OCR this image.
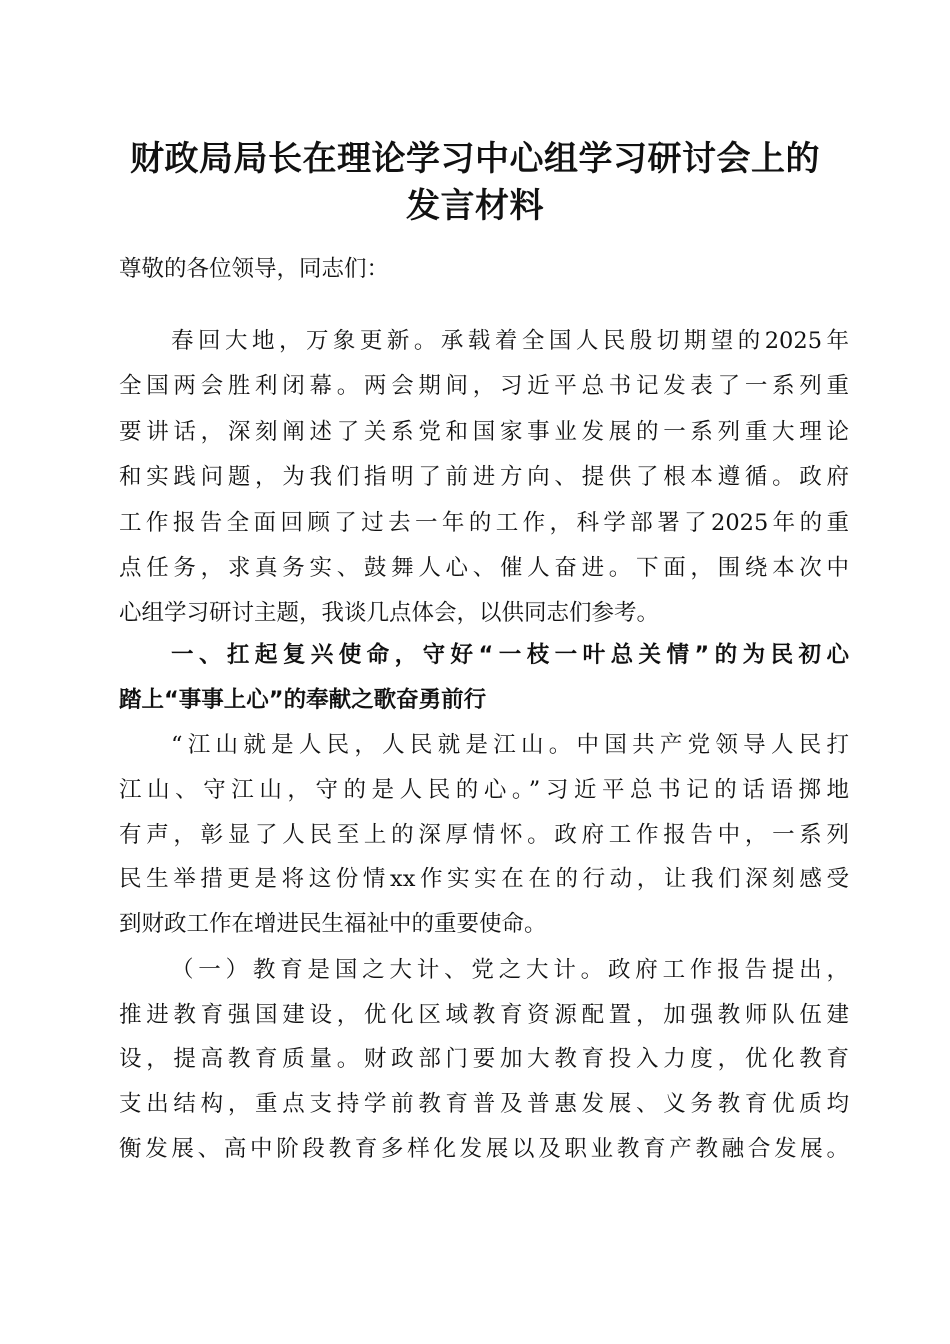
财政局局长在理论学习中心组学习研讨会上的
发言材料

尊敬的各位领导，同志们：

春回大地，万象更新。承载着全国人民殷切期望的2025年

全国两会胜利闭幕。两会期间，习近平总书记发表了一系列重

要讲话，深刻阐述了关系党和国家事业发展的一系列重大理论

和实践问题，为我们指明了前进方向、提供了根本遵循。政府

工作报告全面回顾了过去一年的工作，科学部署了2025年的重

点任务，求真务实、鼓舞人心、催人奋进。下面，围绕本次中

心组学习研讨主题，我谈几点体会，以供同志们参考。

一、扛起复兴使命，守好“一枝一叶总关情”的为民初心

踏上“事事上心”的奉献之歌奋勇前行

“江山就是人民，人民就是江山。中国共产党领导人民打

江山、守江山，守的是人民的心。”习近平总书记的话语掷地

有声，彰显了人民至上的深厚情怀。政府工作报告中，一系列

民生举措更是将这份情xx作实实在在的行动，让我们深刻感受

到财政工作在增进民生福祉中的重要使命。

（一）教育是国之大计、党之大计。政府工作报告提出，

推进教育强国建设，优化区域教育资源配置，加强教师队伍建

设，提高教育质量。财政部门要加大教育投入力度，优化教育

支出结构，重点支持学前教育普及普惠发展、义务教育优质均

衡发展、高中阶段教育多样化发展以及职业教育产教融合发展。
